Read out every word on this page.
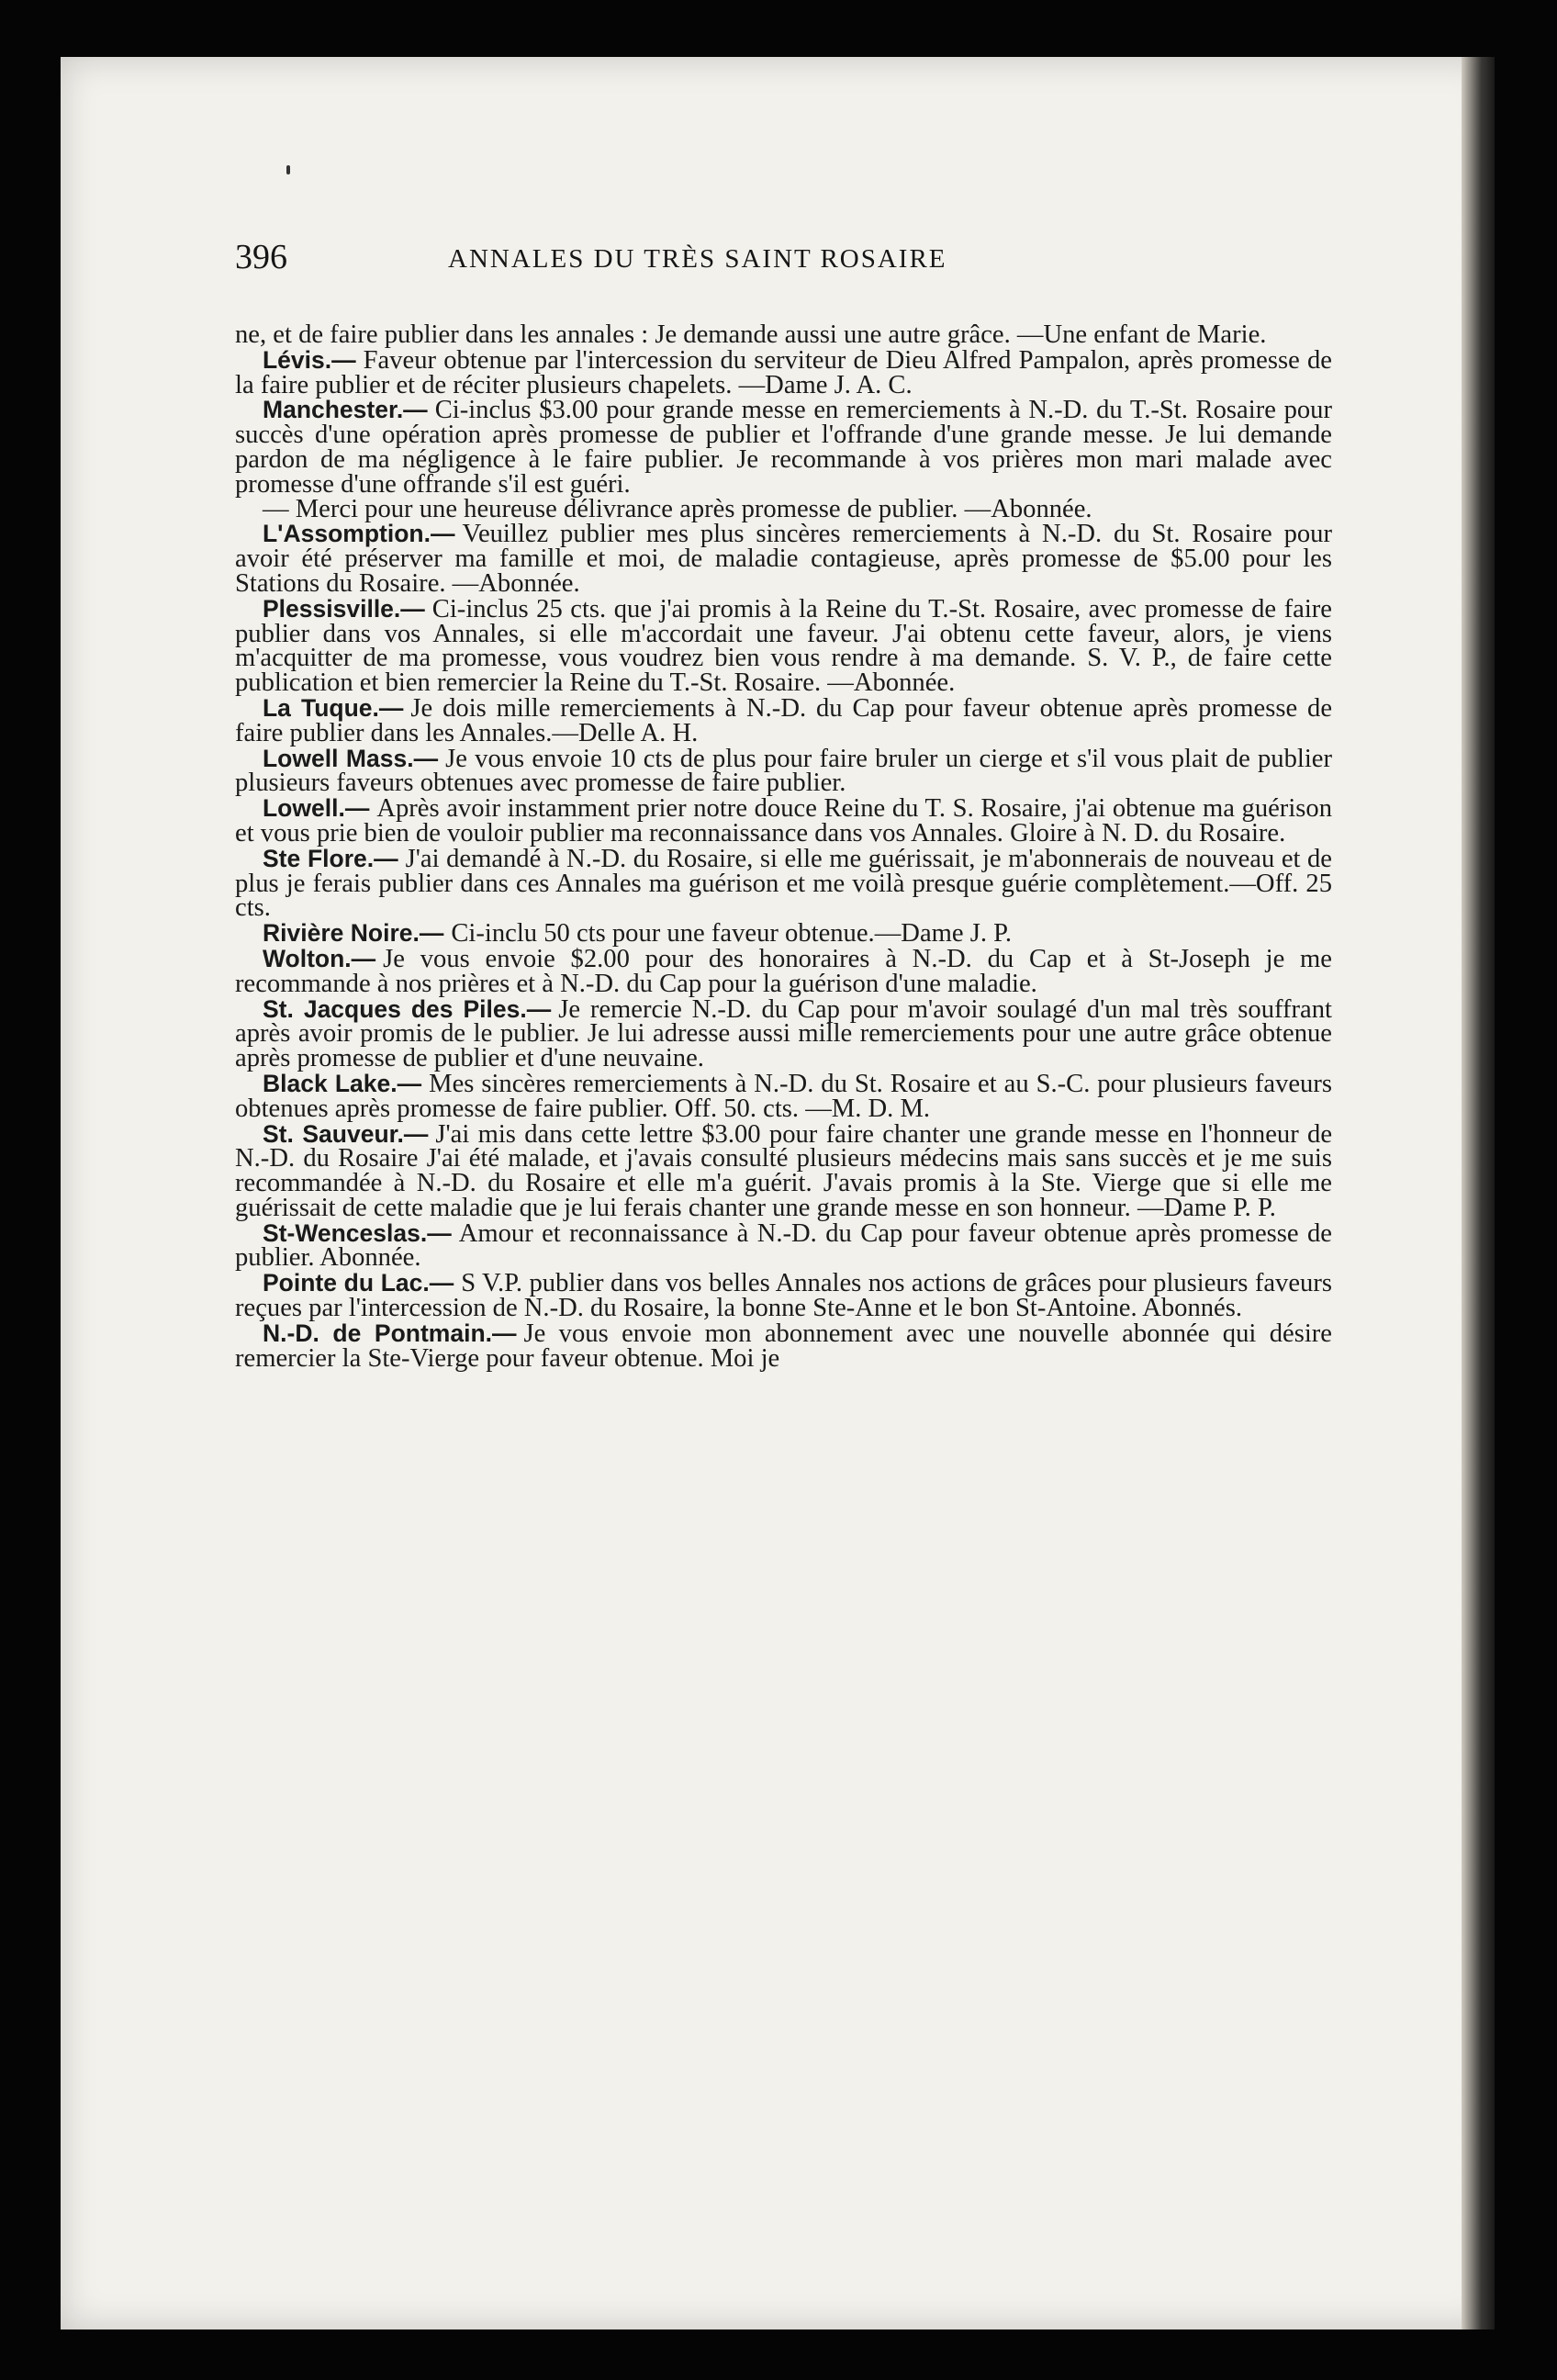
396	ANNALES DU TRÈS SAINT ROSAIRE

ne, et de faire publier dans les annales : Je demande aussi une autre grâce. —Une enfant de Marie.

Lévis.— Faveur obtenue par l'intercession du serviteur de Dieu Alfred Pampalon, après promesse de la faire publier et de réciter plusieurs chapelets. —Dame J. A. C.

Manchester.— Ci-inclus $3.00 pour grande messe en remerciements à N.-D. du T.-St. Rosaire pour succès d'une opération après promesse de publier et l'offrande d'une grande messe. Je lui demande pardon de ma négligence à le faire publier. Je recommande à vos prières mon mari malade avec promesse d'une offrande s'il est guéri.

— Merci pour une heureuse délivrance après promesse de publier. —Abonnée.

L'Assomption.— Veuillez publier mes plus sincères remerciements à N.-D. du St. Rosaire pour avoir été préserver ma famille et moi, de maladie contagieuse, après promesse de $5.00 pour les Stations du Rosaire. —Abonnée.

Plessisville.— Ci-inclus 25 cts. que j'ai promis à la Reine du T.-St. Rosaire, avec promesse de faire publier dans vos Annales, si elle m'accordait une faveur. J'ai obtenu cette faveur, alors, je viens m'acquitter de ma promesse, vous voudrez bien vous rendre à ma demande. S. V. P., de faire cette publication et bien remercier la Reine du T.-St. Rosaire. —Abonnée.

La Tuque.— Je dois mille remerciements à N.-D. du Cap pour faveur obtenue après promesse de faire publier dans les Annales.—Delle A. H.

Lowell Mass.— Je vous envoie 10 cts de plus pour faire bruler un cierge et s'il vous plait de publier plusieurs faveurs obtenues avec promesse de faire publier.

Lowell.— Après avoir instamment prier notre douce Reine du T. S. Rosaire, j'ai obtenue ma guérison et vous prie bien de vouloir publier ma reconnaissance dans vos Annales. Gloire à N. D. du Rosaire.

Ste Flore.— J'ai demandé à N.-D. du Rosaire, si elle me guérissait, je m'abonnerais de nouveau et de plus je ferais publier dans ces Annales ma guérison et me voilà presque guérie complètement.—Off. 25 cts.

Rivière Noire.— Ci-inclu 50 cts pour une faveur obtenue.—Dame J. P.

Wolton.— Je vous envoie $2.00 pour des honoraires à N.-D. du Cap et à St-Joseph je me recommande à nos prières et à N.-D. du Cap pour la guérison d'une maladie.

St. Jacques des Piles.— Je remercie N.-D. du Cap pour m'avoir soulagé d'un mal très souffrant après avoir promis de le publier. Je lui adresse aussi mille remerciements pour une autre grâce obtenue après promesse de publier et d'une neuvaine.

Black Lake.— Mes sincères remerciements à N.-D. du St. Rosaire et au S.-C. pour plusieurs faveurs obtenues après promesse de faire publier. Off. 50. cts. —M. D. M.

St. Sauveur.— J'ai mis dans cette lettre $3.00 pour faire chanter une grande messe en l'honneur de N.-D. du Rosaire J'ai été malade, et j'avais consulté plusieurs médecins mais sans succès et je me suis recommandée à N.-D. du Rosaire et elle m'a guérit. J'avais promis à la Ste. Vierge que si elle me guérissait de cette maladie que je lui ferais chanter une grande messe en son honneur. —Dame P. P.

St-Wenceslas.— Amour et reconnaissance à N.-D. du Cap pour faveur obtenue après promesse de publier. Abonnée.

Pointe du Lac.— S V.P. publier dans vos belles Annales nos actions de grâces pour plusieurs faveurs reçues par l'intercession de N.-D. du Rosaire, la bonne Ste-Anne et le bon St-Antoine. Abonnés.

N.-D. de Pontmain.— Je vous envoie mon abonnement avec une nouvelle abonnée qui désire remercier la Ste-Vierge pour faveur obtenue. Moi je
